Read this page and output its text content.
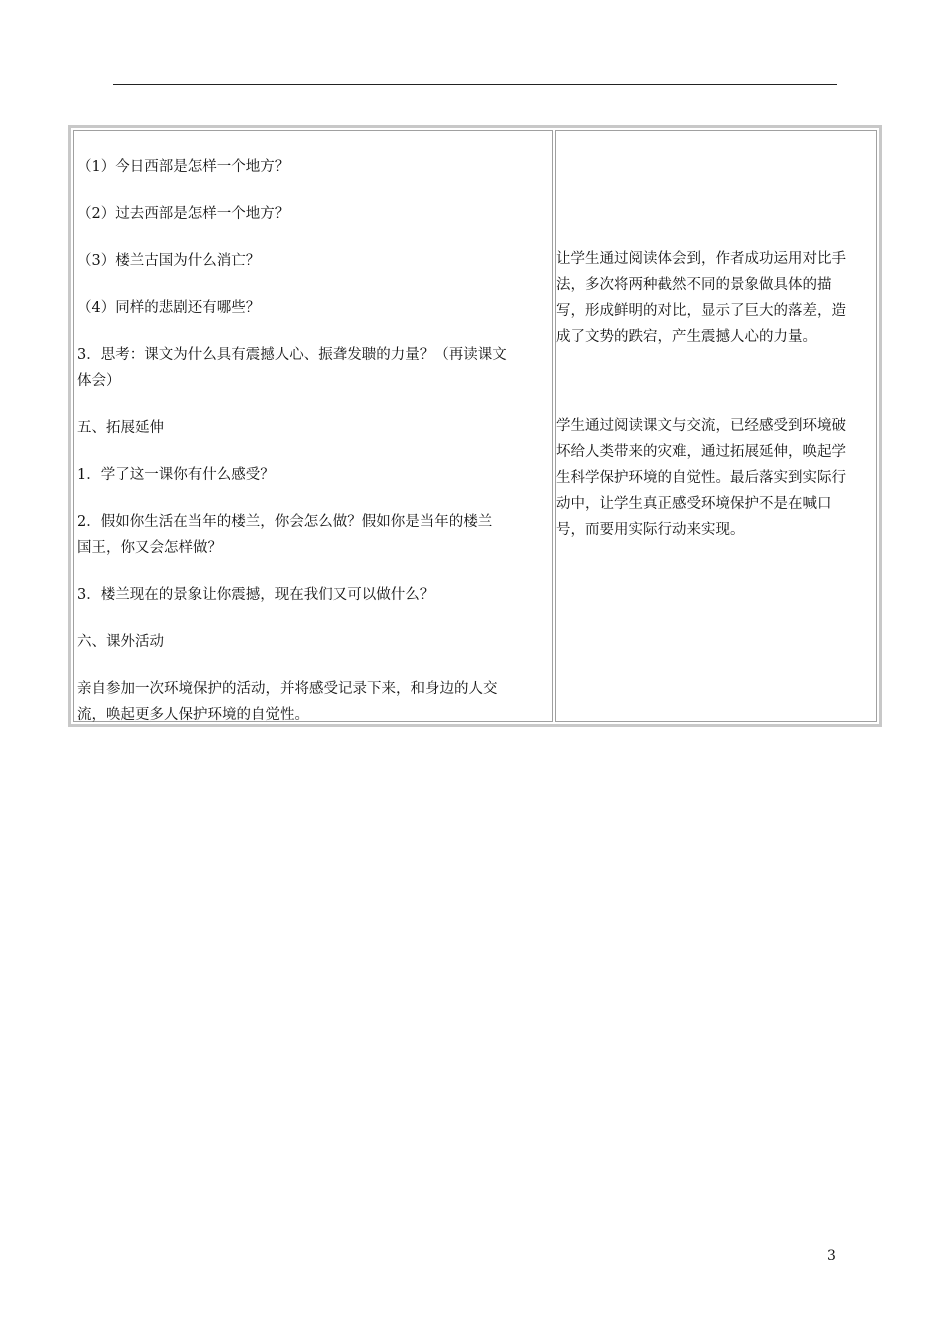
（1）今日西部是怎样一个地方？
（2）过去西部是怎样一个地方？
（3）楼兰古国为什么消亡？
（4）同样的悲剧还有哪些？
3．思考：课文为什么具有震撼人心、振聋发聩的力量？（再读课文
体会）
五、拓展延伸
1．学了这一课你有什么感受？
2．假如你生活在当年的楼兰，你会怎么做？假如你是当年的楼兰
国王，你又会怎样做？
3．楼兰现在的景象让你震撼，现在我们又可以做什么？
六、课外活动
亲自参加一次环境保护的活动，并将感受记录下来，和身边的人交
流，唤起更多人保护环境的自觉性。
让学生通过阅读体会到，作者成功运用对比手
法，多次将两种截然不同的景象做具体的描
写，形成鲜明的对比，显示了巨大的落差，造
成了文势的跌宕，产生震撼人心的力量。
学生通过阅读课文与交流，已经感受到环境破
坏给人类带来的灾难，通过拓展延伸，唤起学
生科学保护环境的自觉性。最后落实到实际行
动中，让学生真正感受环境保护不是在喊口
号，而要用实际行动来实现。
3
